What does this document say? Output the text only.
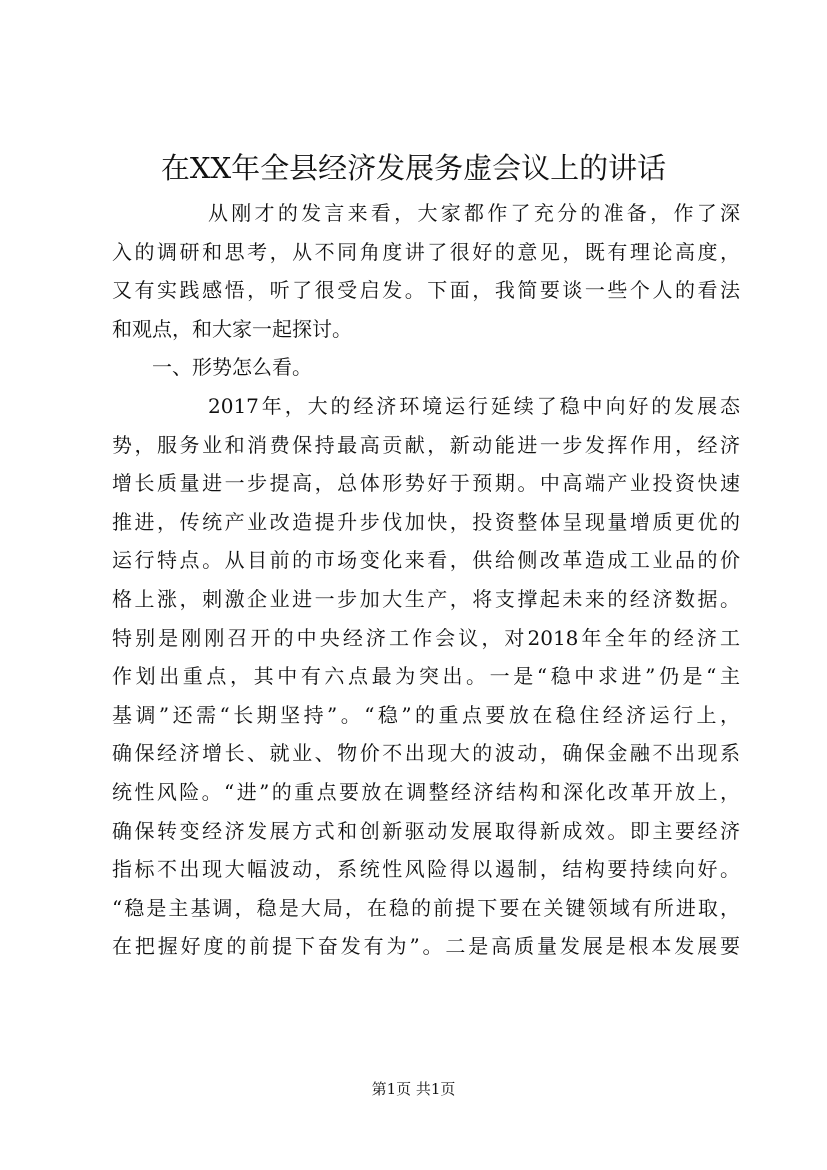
在XX年全县经济发展务虚会议上的讲话
从刚才的发言来看，大家都作了充分的准备，作了深
入的调研和思考，从不同角度讲了很好的意见，既有理论高度，
又有实践感悟，听了很受启发。下面，我简要谈一些个人的看法
和观点，和大家一起探讨。
一、形势怎么看。
2017年，大的经济环境运行延续了稳中向好的发展态
势，服务业和消费保持最高贡献，新动能进一步发挥作用，经济
增长质量进一步提高，总体形势好于预期。中高端产业投资快速
推进，传统产业改造提升步伐加快，投资整体呈现量增质更优的
运行特点。从目前的市场变化来看，供给侧改革造成工业品的价
格上涨，刺激企业进一步加大生产，将支撑起未来的经济数据。
特别是刚刚召开的中央经济工作会议，对2018年全年的经济工
作划出重点，其中有六点最为突出。一是“稳中求进”仍是“主
基调”还需“长期坚持”。“稳”的重点要放在稳住经济运行上，
确保经济增长、就业、物价不出现大的波动，确保金融不出现系
统性风险。“进”的重点要放在调整经济结构和深化改革开放上，
确保转变经济发展方式和创新驱动发展取得新成效。即主要经济
指标不出现大幅波动，系统性风险得以遏制，结构要持续向好。
“稳是主基调，稳是大局，在稳的前提下要在关键领域有所进取，
在把握好度的前提下奋发有为”。二是高质量发展是根本发展要
第1页 共1页
